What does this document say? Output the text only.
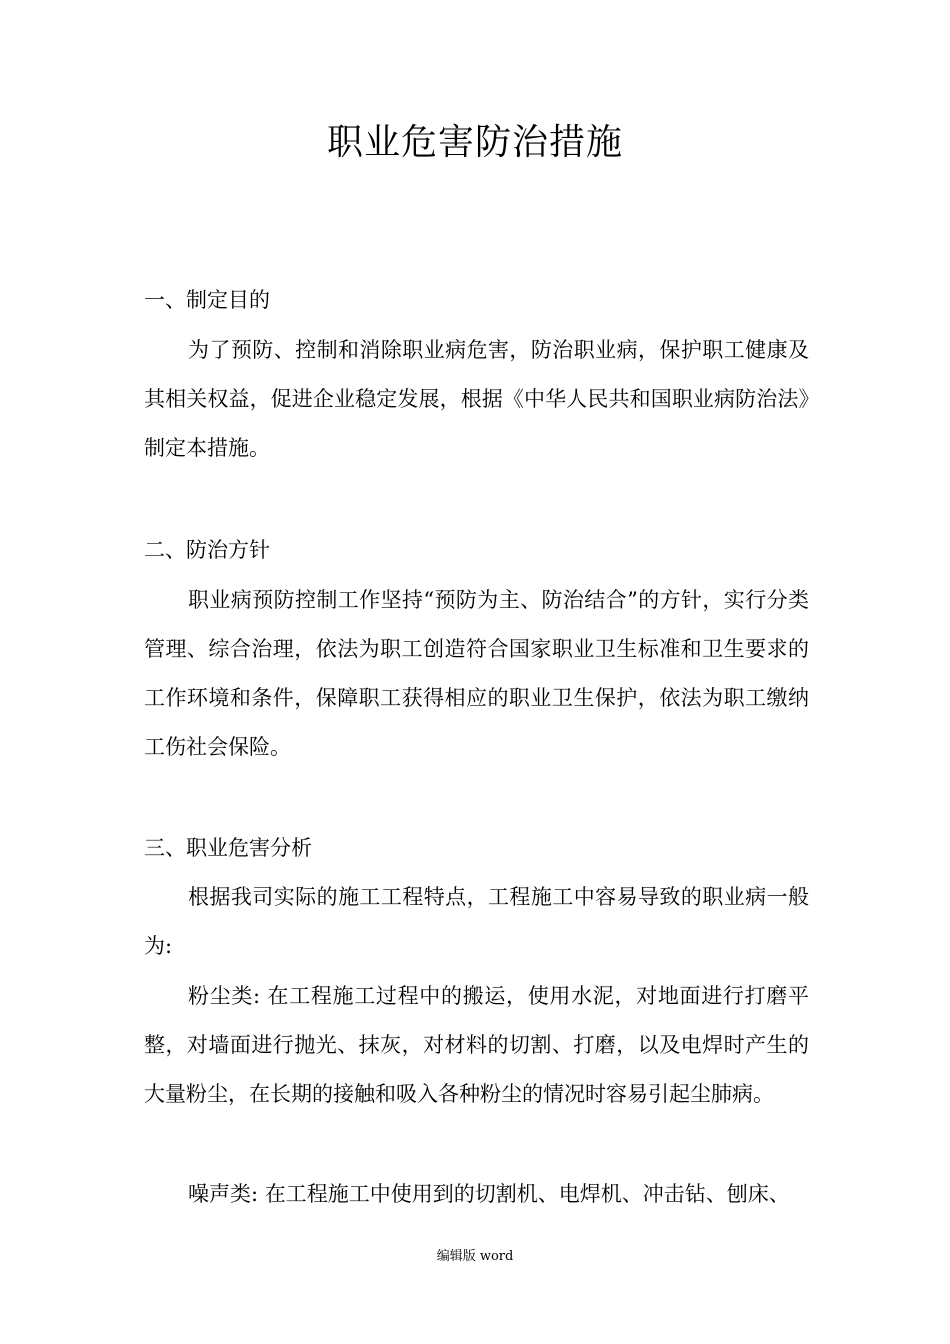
职业危害防治措施
一、制定目的
为了预防、控制和消除职业病危害，防治职业病，保护职工健康及其相关权益，促进企业稳定发展，根据《中华人民共和国职业病防治法》制定本措施。
二、防治方针
职业病预防控制工作坚持“预防为主、防治结合”的方针，实行分类管理、综合治理，依法为职工创造符合国家职业卫生标准和卫生要求的工作环境和条件，保障职工获得相应的职业卫生保护，依法为职工缴纳工伤社会保险。
三、职业危害分析
根据我司实际的施工工程特点，工程施工中容易导致的职业病一般为:
粉尘类: 在工程施工过程中的搬运，使用水泥，对地面进行打磨平整，对墙面进行抛光、抹灰，对材料的切割、打磨，以及电焊时产生的大量粉尘，在长期的接触和吸入各种粉尘的情况时容易引起尘肺病。
噪声类: 在工程施工中使用到的切割机、电焊机、冲击钻、刨床、
编辑版 word
